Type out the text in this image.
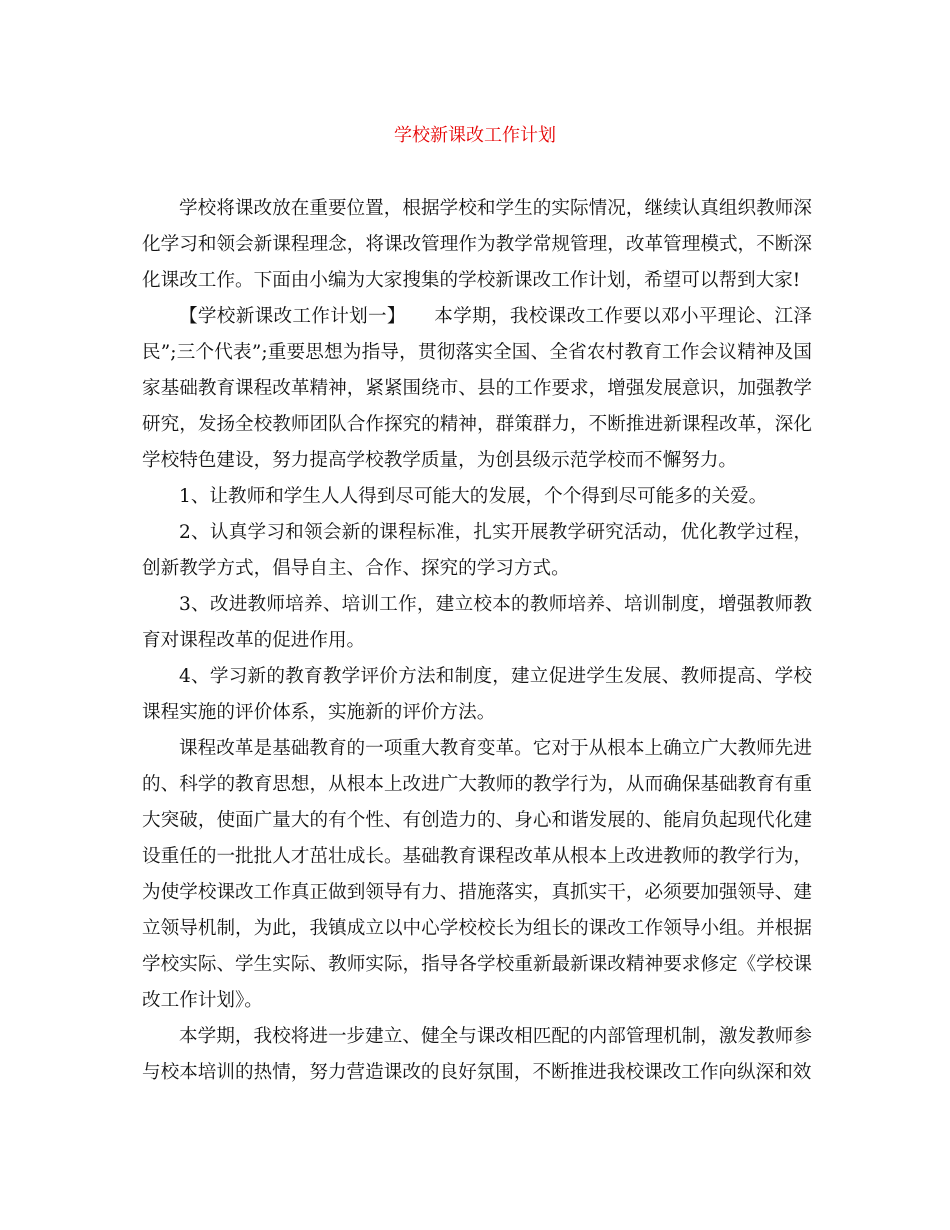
学校新课改工作计划

学校将课改放在重要位置，根据学校和学生的实际情况，继续认真组织教师深化学习和领会新课程理念，将课改管理作为教学常规管理，改革管理模式，不断深化课改工作。下面由小编为大家搜集的学校新课改工作计划，希望可以帮到大家!

【学校新课改工作计划一】　　本学期，我校课改工作要以邓小平理论、江泽民”;三个代表”;重要思想为指导，贯彻落实全国、全省农村教育工作会议精神及国家基础教育课程改革精神，紧紧围绕市、县的工作要求，增强发展意识，加强教学研究，发扬全校教师团队合作探究的精神，群策群力，不断推进新课程改革，深化学校特色建设，努力提高学校教学质量，为创县级示范学校而不懈努力。

1、让教师和学生人人得到尽可能大的发展，个个得到尽可能多的关爱。

2、认真学习和领会新的课程标准，扎实开展教学研究活动，优化教学过程，创新教学方式，倡导自主、合作、探究的学习方式。

3、改进教师培养、培训工作，建立校本的教师培养、培训制度，增强教师教育对课程改革的促进作用。

4、学习新的教育教学评价方法和制度，建立促进学生发展、教师提高、学校课程实施的评价体系，实施新的评价方法。

课程改革是基础教育的一项重大教育变革。它对于从根本上确立广大教师先进的、科学的教育思想，从根本上改进广大教师的教学行为，从而确保基础教育有重大突破，使面广量大的有个性、有创造力的、身心和谐发展的、能肩负起现代化建设重任的一批批人才茁壮成长。基础教育课程改革从根本上改进教师的教学行为，为使学校课改工作真正做到领导有力、措施落实，真抓实干，必须要加强领导、建立领导机制，为此，我镇成立以中心学校校长为组长的课改工作领导小组。并根据学校实际、学生实际、教师实际，指导各学校重新最新课改精神要求修定《学校课改工作计划》。

本学期，我校将进一步建立、健全与课改相匹配的内部管理机制，激发教师参与校本培训的热情，努力营造课改的良好氛围，不断推进我校课改工作向纵深和效
